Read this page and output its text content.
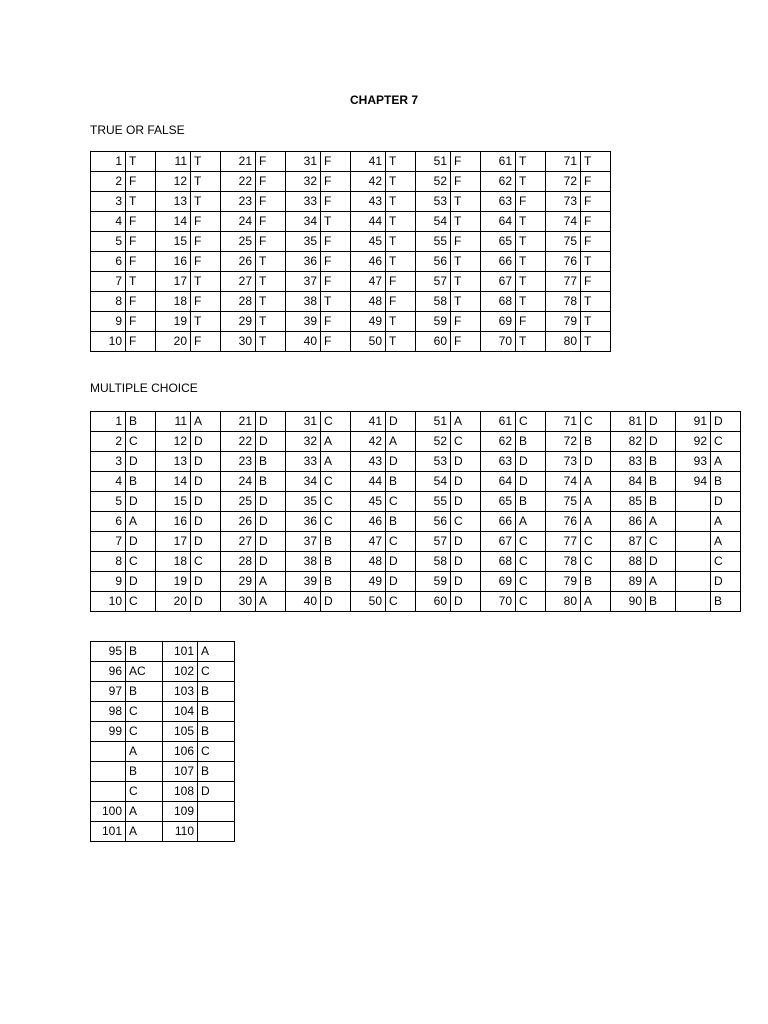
CHAPTER 7
TRUE OR FALSE
1	T	11	T	21	F	31	F	41	T	51	F	61	T	71	T
2	F	12	T	22	F	32	F	42	T	52	F	62	T	72	F
3	T	13	T	23	F	33	F	43	T	53	T	63	F	73	F
4	F	14	F	24	F	34	T	44	T	54	T	64	T	74	F
5	F	15	F	25	F	35	F	45	T	55	F	65	T	75	F
6	F	16	F	26	T	36	F	46	T	56	T	66	T	76	T
7	T	17	T	27	T	37	F	47	F	57	T	67	T	77	F
8	F	18	F	28	T	38	T	48	F	58	T	68	T	78	T
9	F	19	T	29	T	39	F	49	T	59	F	69	F	79	T
10	F	20	F	30	T	40	F	50	T	60	F	70	T	80	T
MULTIPLE CHOICE
1	B	11	A	21	D	31	C	41	D	51	A	61	C	71	C	81	D	91	D
2	C	12	D	22	D	32	A	42	A	52	C	62	B	72	B	82	D	92	C
3	D	13	D	23	B	33	A	43	D	53	D	63	D	73	D	83	B	93	A
4	B	14	D	24	B	34	C	44	B	54	D	64	D	74	A	84	B	94	B
5	D	15	D	25	D	35	C	45	C	55	D	65	B	75	A	85	B		D
6	A	16	D	26	D	36	C	46	B	56	C	66	A	76	A	86	A		A
7	D	17	D	27	D	37	B	47	C	57	D	67	C	77	C	87	C		A
8	C	18	C	28	D	38	B	48	D	58	D	68	C	78	C	88	D		C
9	D	19	D	29	A	39	B	49	D	59	D	69	C	79	B	89	A		D
10	C	20	D	30	A	40	D	50	C	60	D	70	C	80	A	90	B		B
95	B	101	A
96	AC	102	C
97	B	103	B
98	C	104	B
99	C	105	B
	A	106	C
	B	107	B
	C	108	D
100	A	109	
101	A	110	
